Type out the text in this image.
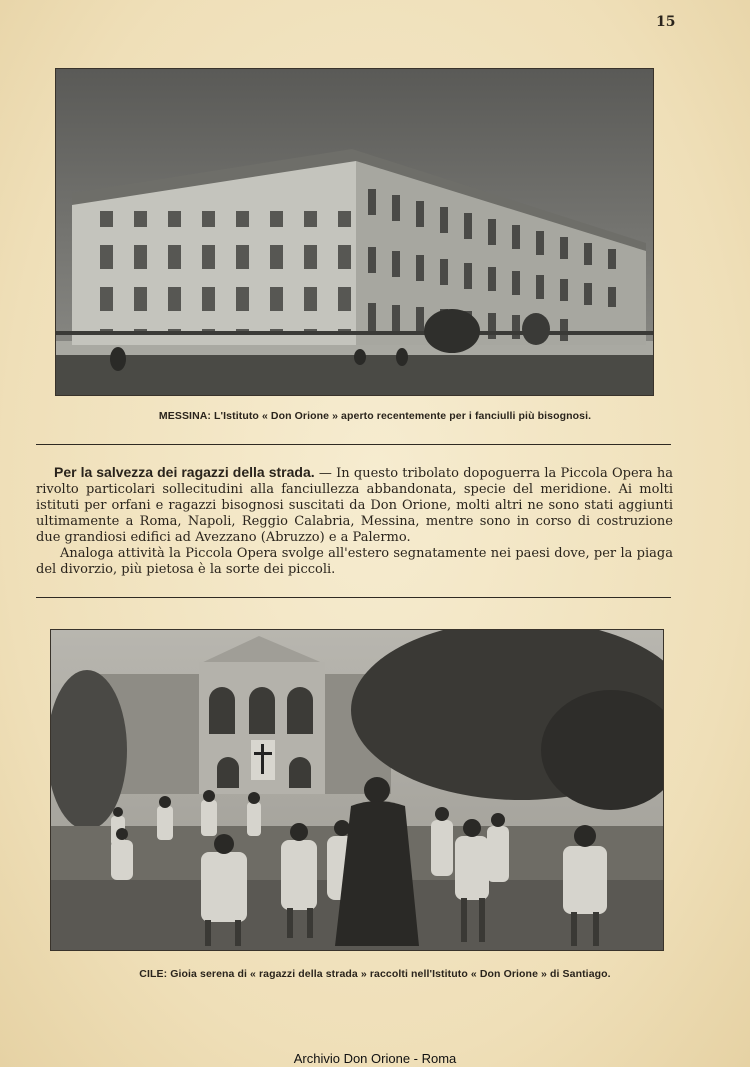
15
MESSINA: L'Istituto « Don Orione » aperto recentemente per i fanciulli più bisognosi.

Per la salvezza dei ragazzi della strada. — In questo tribolato dopoguerra la Piccola Opera ha rivolto particolari sollecitudini alla fanciullezza abbandonata, specie del meridione. Ai molti istituti per orfani e ragazzi bisognosi suscitati da Don Orione, molti altri ne sono stati aggiunti ultimamente a Roma, Napoli, Reggio Calabria, Messina, mentre sono in corso di costruzione due grandiosi edifici ad Avezzano (Abruzzo) e a Palermo.

Analoga attività la Piccola Opera svolge all'estero segnatamente nei paesi dove, per la piaga del divorzio, più pietosa è la sorte dei piccoli.

CILE: Gioia serena di « ragazzi della strada » raccolti nell'Istituto « Don Orione » di Santiago.
Archivio Don Orione - Roma
